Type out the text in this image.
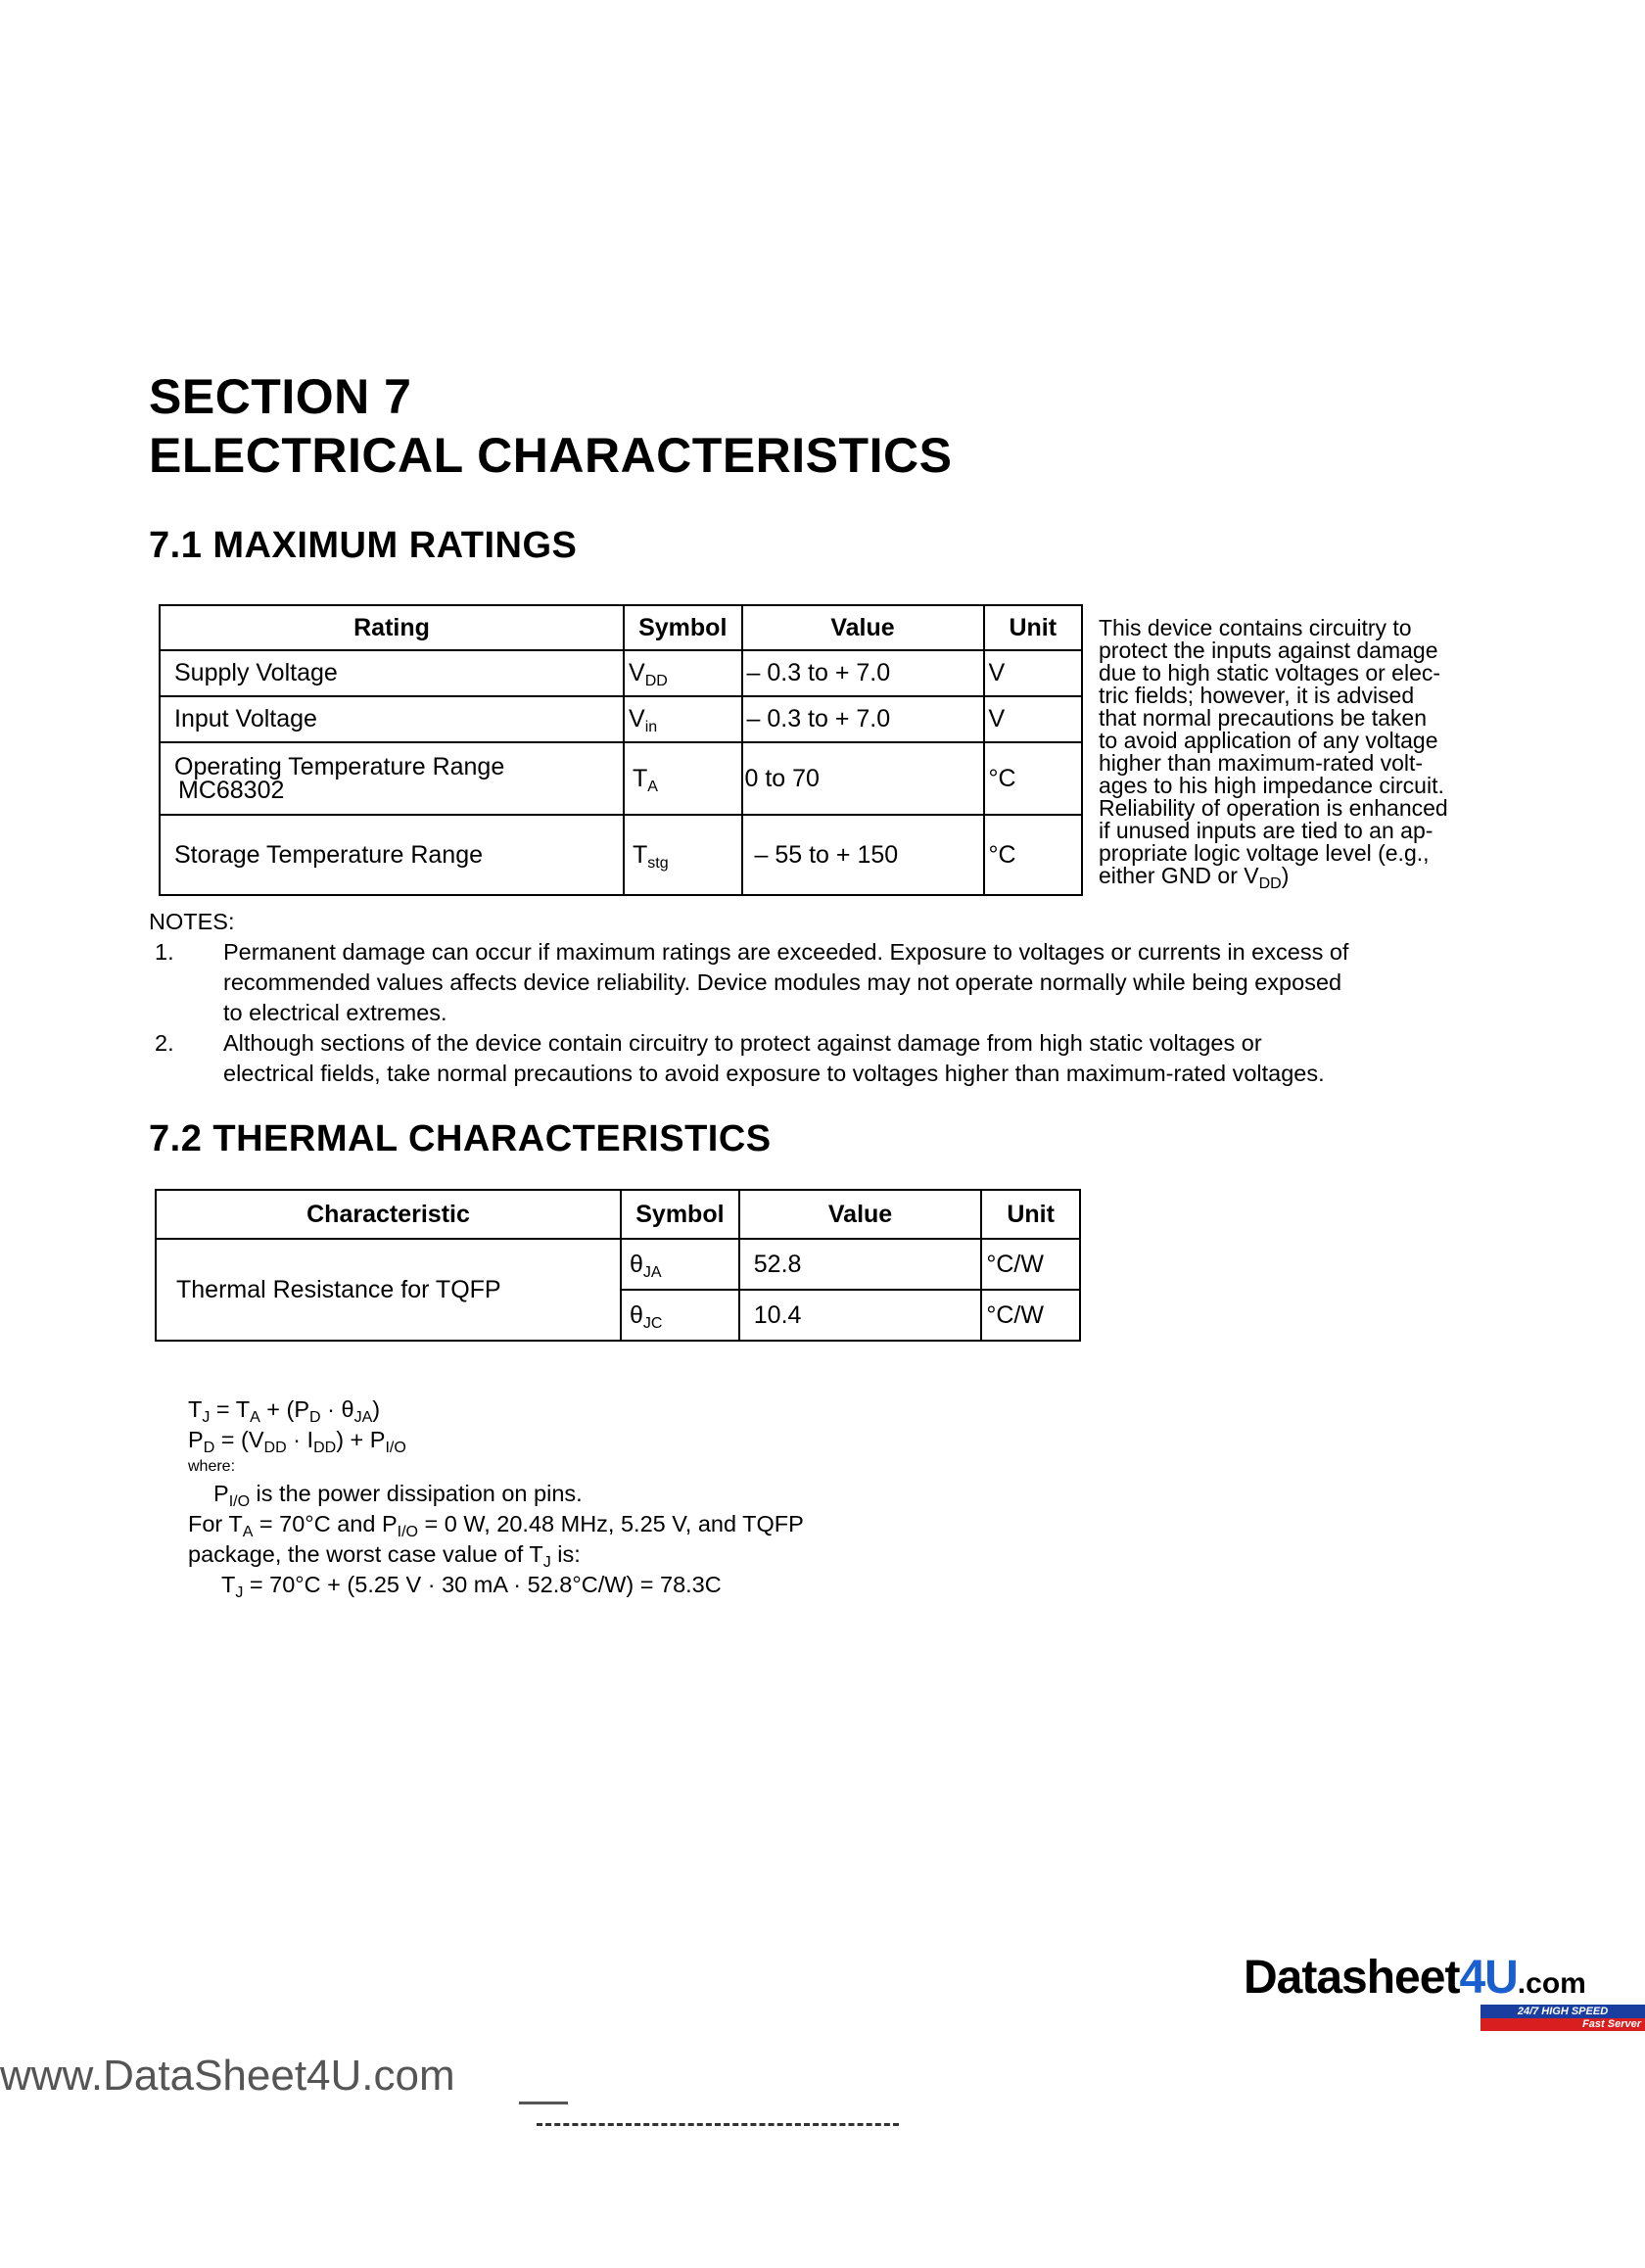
SECTION 7
ELECTRICAL CHARACTERISTICS
7.1 MAXIMUM RATINGS
Rating	Symbol	Value	Unit
Supply Voltage	$V_{DD}$	– 0.3 to + 7.0	V
Input Voltage	$V_{in}$	– 0.3 to + 7.0	V

Operating Temperature Range
MC68302	$T_A$	0 to 70	°C
Storage Temperature Range	$T_{stg}$	– 55 to + 150	°C
This device contains circuitry to
protect the inputs against damage
due to high static voltages or elec-
tric fields; however, it is advised
that normal precautions be taken
to avoid application of any voltage
higher than maximum-rated volt-
ages to his high impedance circuit.
Reliability of operation is enhanced
if unused inputs are tied to an ap-
propriate logic voltage level (e.g.,
either GND or $V_{DD}$)
NOTES:
1. Permanent damage can occur if maximum ratings are exceeded. Exposure to voltages or currents in excess of
recommended values affects device reliability. Device modules may not operate normally while being exposed
to electrical extremes.
2. Although sections of the device contain circuitry to protect against damage from high static voltages or
electrical fields, take normal precautions to avoid exposure to voltages higher than maximum-rated voltages.
7.2 THERMAL CHARACTERISTICS
Characteristic	Symbol	Value	Unit
Thermal Resistance for TQFP	$\theta_{JA}$	52.8	°C/W
	$\theta_{JC}$	10.4	°C/W
$T_J = T_A + (P_D \cdot \theta_{JA})$
$P_D = (V_{DD} \cdot I_{DD}) + P_{I/O}$
where:
$P_{I/O}$ is the power dissipation on pins.
For $T_A = 70^\circ C$ and $P_{I/O} = 0$ W, 20.48 MHz, 5.25 V, and TQFP
package, the worst case value of $T_J$ is:
$T_J = 70^\circ C + (5.25$ V · 30 mA · 52.8°C/W) = 78.3C
Datasheet4U.com
24/7 HIGH SPEED
Fast Server
www.DataSheet4U.com
